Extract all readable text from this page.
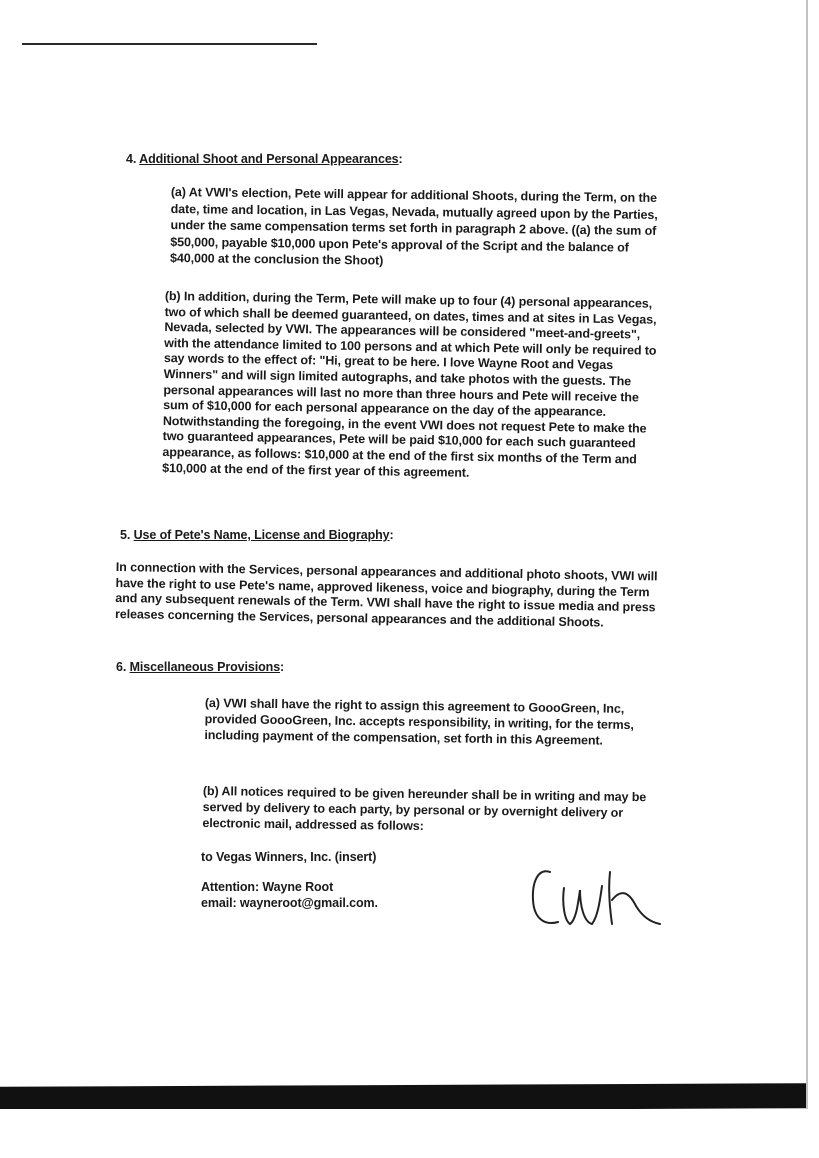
4. Additional Shoot and Personal Appearances:
(a) At VWI's election, Pete will appear for additional Shoots, during the Term, on the date, time and location, in Las Vegas, Nevada, mutually agreed upon by the Parties, under the same compensation terms set forth in paragraph 2 above. ((a) the sum of $50,000, payable $10,000 upon Pete's approval of the Script and the balance of $40,000 at the conclusion the Shoot)
(b) In addition, during the Term, Pete will make up to four (4) personal appearances, two of which shall be deemed guaranteed, on dates, times and at sites in Las Vegas, Nevada, selected by VWI. The appearances will be considered "meet-and-greets", with the attendance limited to 100 persons and at which Pete will only be required to say words to the effect of: "Hi, great to be here. I love Wayne Root and Vegas Winners" and will sign limited autographs, and take photos with the guests. The personal appearances will last no more than three hours and Pete will receive the sum of $10,000 for each personal appearance on the day of the appearance. Notwithstanding the foregoing, in the event VWI does not request Pete to make the two guaranteed appearances, Pete will be paid $10,000 for each such guaranteed appearance, as follows: $10,000 at the end of the first six months of the Term and $10,000 at the end of the first year of this agreement.
5. Use of Pete's Name, License and Biography:
In connection with the Services, personal appearances and additional photo shoots, VWI will have the right to use Pete's name, approved likeness, voice and biography, during the Term and any subsequent renewals of the Term. VWI shall have the right to issue media and press releases concerning the Services, personal appearances and the additional Shoots.
6. Miscellaneous Provisions:
(a) VWI shall have the right to assign this agreement to GoooGreen, Inc, provided GoooGreen, Inc. accepts responsibility, in writing, for the terms, including payment of the compensation, set forth in this Agreement.
(b) All notices required to be given hereunder shall be in writing and may be served by delivery to each party, by personal or by overnight delivery or electronic mail, addressed as follows:
to Vegas Winners, Inc. (insert)
Attention: Wayne Root
email: wayneroot@gmail.com.
